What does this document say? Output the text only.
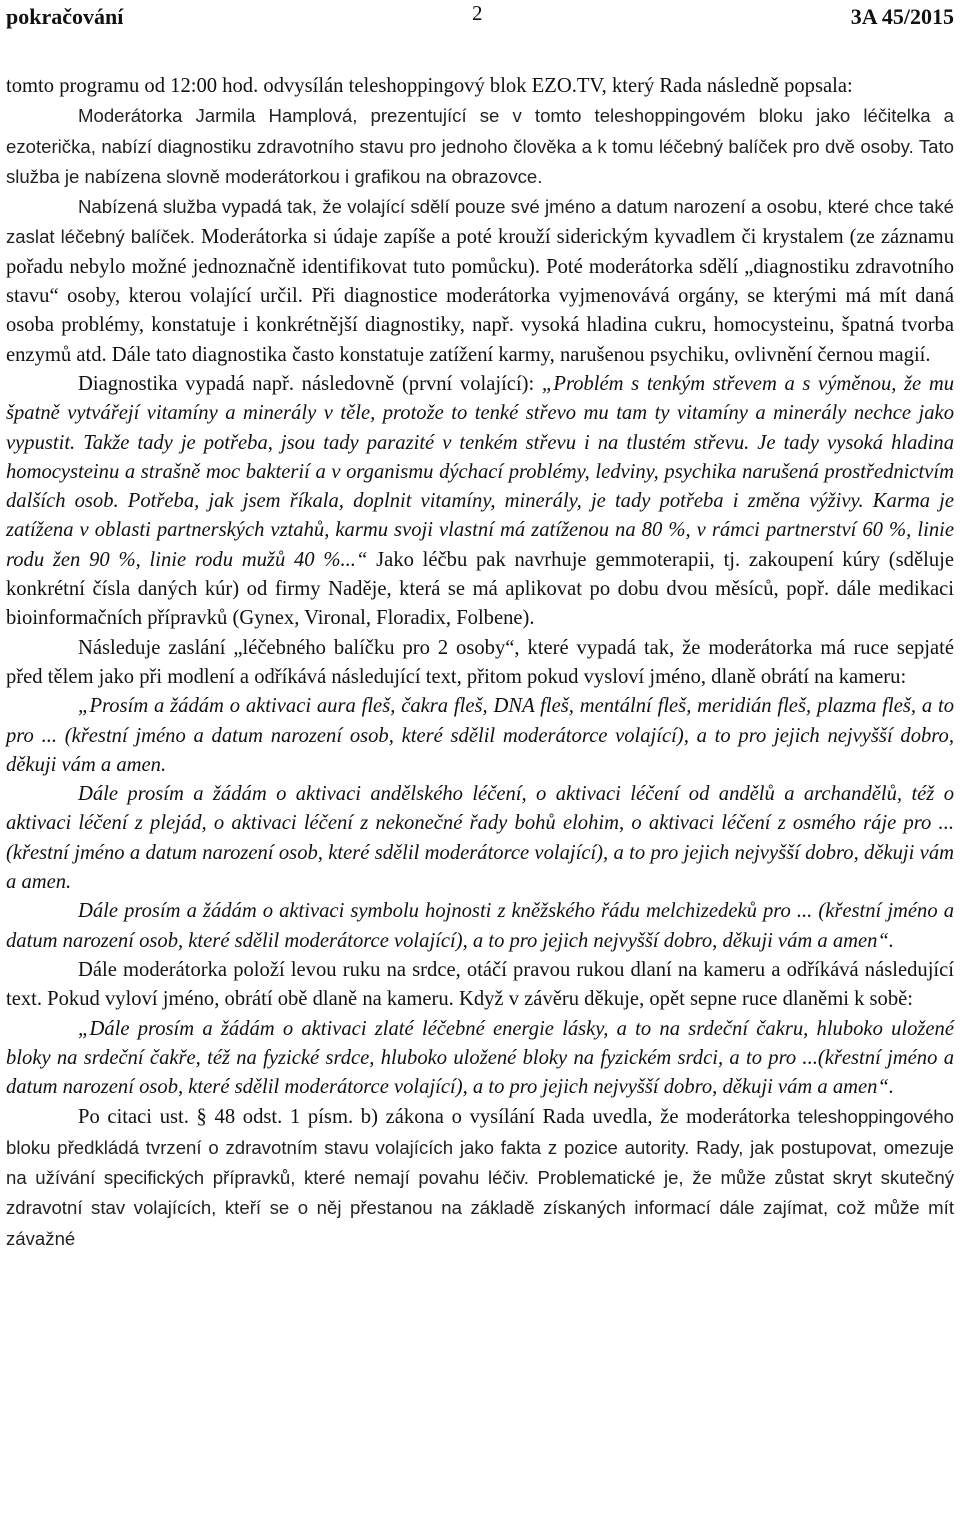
pokračování	2	3A 45/2015

tomto programu od 12:00 hod. odvysílán teleshoppingový blok EZO.TV, který Rada následně popsala:

Moderátorka Jarmila Hamplová, prezentující se v tomto teleshoppingovém bloku jako léčitelka a ezoterička, nabízí diagnostiku zdravotního stavu pro jednoho člověka a k tomu léčebný balíček pro dvě osoby. Tato služba je nabízena slovně moderátorkou i grafikou na obrazovce.

Nabízená služba vypadá tak, že volající sdělí pouze své jméno a datum narození a osobu, které chce také zaslat léčebný balíček. Moderátorka si údaje zapíše a poté krouží siderickým kyvadlem či krystalem (ze záznamu pořadu nebylo možné jednoznačně identifikovat tuto pomůcku). Poté moderátorka sdělí „diagnostiku zdravotního stavu“ osoby, kterou volající určil. Při diagnostice moderátorka vyjmenovává orgány, se kterými má mít daná osoba problémy, konstatuje i konkrétnější diagnostiky, např. vysoká hladina cukru, homocysteinu, špatná tvorba enzymů atd. Dále tato diagnostika často konstatuje zatížení karmy, narušenou psychiku, ovlivnění černou magií.

Diagnostika vypadá např. následovně (první volající): „Problém s tenkým střevem a s výměnou, že mu špatně vytvářejí vitamíny a minerály v těle, protože to tenké střevo mu tam ty vitamíny a minerály nechce jako vypustit. Takže tady je potřeba, jsou tady parazité v tenkém střevu i na tlustém střevu. Je tady vysoká hladina homocysteinu a strašně moc bakterií a v organismu dýchací problémy, ledviny, psychika narušená prostřednictvím dalších osob. Potřeba, jak jsem říkala, doplnit vitamíny, minerály, je tady potřeba i změna výživy. Karma je zatížena v oblasti partnerských vztahů, karmu svoji vlastní má zatíženou na 80 %, v rámci partnerství 60 %, linie rodu žen 90 %, linie rodu mužů 40 %...“ Jako léčbu pak navrhuje gemmoterapii, tj. zakoupení kúry (sděluje konkrétní čísla daných kúr) od firmy Naděje, která se má aplikovat po dobu dvou měsíců, popř. dále medikaci bioinformačních přípravků (Gynex, Vironal, Floradix, Folbene).

Následuje zaslání „léčebného balíčku pro 2 osoby“, které vypadá tak, že moderátorka má ruce sepjaté před tělem jako při modlení a odříkává následující text, přitom pokud vysloví jméno, dlaně obrátí na kameru:

„Prosím a žádám o aktivaci aura fleš, čakra fleš, DNA fleš, mentální fleš, meridián fleš, plazma fleš, a to pro ... (křestní jméno a datum narození osob, které sdělil moderátorce volající), a to pro jejich nejvyšší dobro, děkuji vám a amen.

Dále prosím a žádám o aktivaci andělského léčení, o aktivaci léčení od andělů a archandělů, též o aktivaci léčení z plejád, o aktivaci léčení z nekonečné řady bohů elohim, o aktivaci léčení z osmého ráje pro ... (křestní jméno a datum narození osob, které sdělil moderátorce volající), a to pro jejich nejvyšší dobro, děkuji vám a amen.

Dále prosím a žádám o aktivaci symbolu hojnosti z kněžského řádu melchizedeků pro ... (křestní jméno a datum narození osob, které sdělil moderátorce volající), a to pro jejich nejvyšší dobro, děkuji vám a amen“.

Dále moderátorka položí levou ruku na srdce, otáčí pravou rukou dlaní na kameru a odříkává následující text. Pokud vyloví jméno, obrátí obě dlaně na kameru. Když v závěru děkuje, opět sepne ruce dlaněmi k sobě:

„Dále prosím a žádám o aktivaci zlaté léčebné energie lásky, a to na srdeční čakru, hluboko uložené bloky na srdeční čakře, též na fyzické srdce, hluboko uložené bloky na fyzickém srdci, a to pro ...(křestní jméno a datum narození osob, které sdělil moderátorce volající), a to pro jejich nejvyšší dobro, děkuji vám a amen“.

Po citaci ust. § 48 odst. 1 písm. b) zákona o vysílání Rada uvedla, že moderátorka teleshoppingového bloku předkládá tvrzení o zdravotním stavu volajících jako fakta z pozice autority. Rady, jak postupovat, omezuje na užívání specifických přípravků, které nemají povahu léčiv. Problematické je, že může zůstat skryt skutečný zdravotní stav volajících, kteří se o něj přestanou na základě získaných informací dále zajímat, což může mít závažné
